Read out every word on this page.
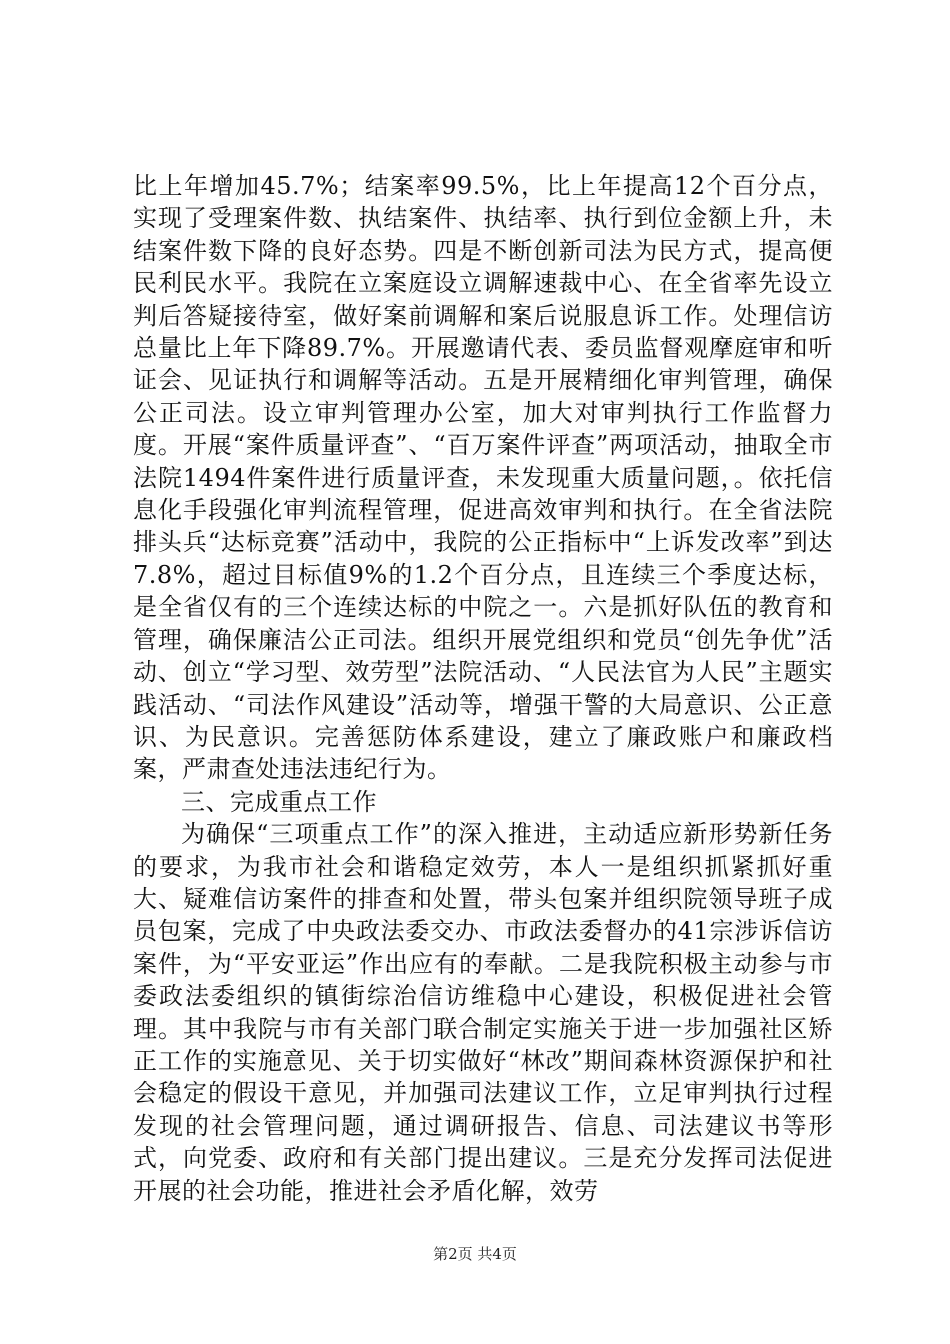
比上年增加45.7%；结案率99.5%，比上年提高12个百分点，实现了受理案件数、执结案件、执结率、执行到位金额上升，未结案件数下降的良好态势。四是不断创新司法为民方式，提高便民利民水平。我院在立案庭设立调解速裁中心、在全省率先设立判后答疑接待室，做好案前调解和案后说服息诉工作。处理信访总量比上年下降89.7%。开展邀请代表、委员监督观摩庭审和听证会、见证执行和调解等活动。五是开展精细化审判管理，确保公正司法。设立审判管理办公室，加大对审判执行工作监督力度。开展“案件质量评查”、“百万案件评查”两项活动，抽取全市法院1494件案件进行质量评查，未发现重大质量问题，。依托信息化手段强化审判流程管理，促进高效审判和执行。在全省法院排头兵“达标竞赛”活动中，我院的公正指标中“上诉发改率”到达7.8%，超过目标值9%的1.2个百分点，且连续三个季度达标，是全省仅有的三个连续达标的中院之一。六是抓好队伍的教育和管理，确保廉洁公正司法。组织开展党组织和党员“创先争优”活动、创立“学习型、效劳型”法院活动、“人民法官为人民”主题实践活动、“司法作风建设”活动等，增强干警的大局意识、公正意识、为民意识。完善惩防体系建设，建立了廉政账户和廉政档案，严肃查处违法违纪行为。

三、完成重点工作

为确保“三项重点工作”的深入推进，主动适应新形势新任务的要求，为我市社会和谐稳定效劳，本人一是组织抓紧抓好重大、疑难信访案件的排查和处置，带头包案并组织院领导班子成员包案，完成了中央政法委交办、市政法委督办的41宗涉诉信访案件，为“平安亚运”作出应有的奉献。二是我院积极主动参与市委政法委组织的镇街综治信访维稳中心建设，积极促进社会管理。其中我院与市有关部门联合制定实施关于进一步加强社区矫正工作的实施意见、关于切实做好“林改”期间森林资源保护和社会稳定的假设干意见，并加强司法建议工作，立足审判执行过程发现的社会管理问题，通过调研报告、信息、司法建议书等形式，向党委、政府和有关部门提出建议。三是充分发挥司法促进开展的社会功能，推进社会矛盾化解，效劳

第2页 共4页
